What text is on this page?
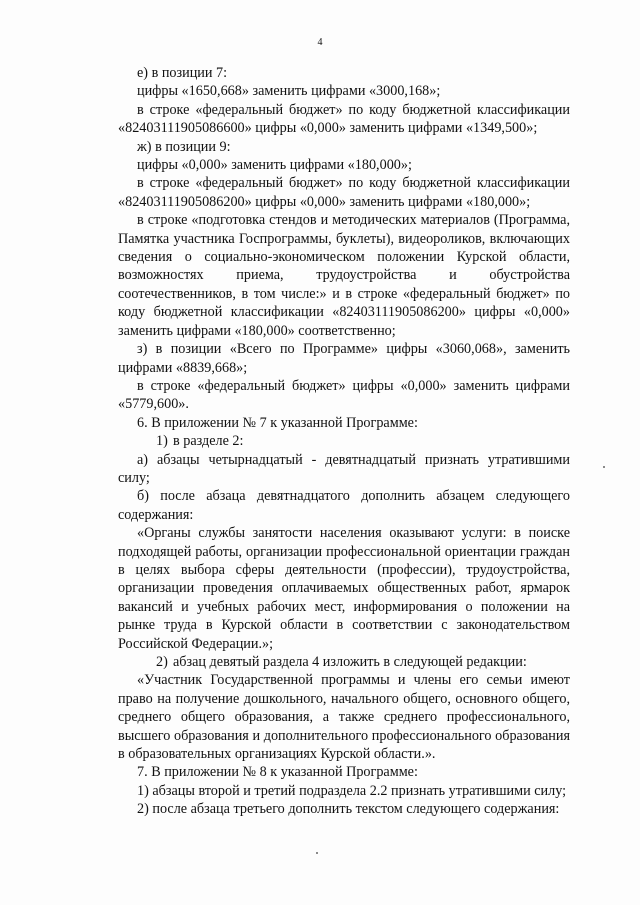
4

е) в позиции 7:

цифры «1650,668» заменить цифрами «3000,168»;

в строке «федеральный бюджет» по коду бюджетной классификации «82403111905086600» цифры «0,000» заменить цифрами «1349,500»;

ж) в позиции 9:

цифры «0,000» заменить цифрами «180,000»;

в строке «федеральный бюджет» по коду бюджетной классификации «82403111905086200» цифры «0,000» заменить цифрами «180,000»;

в строке «подготовка стендов и методических материалов (Программа, Памятка участника Госпрограммы, буклеты), видеороликов, включающих сведения о социально-экономическом положении Курской области, возможностях приема, трудоустройства и обустройства соотечественников, в том числе:» и в строке «федеральный бюджет» по коду бюджетной классификации «82403111905086200» цифры «0,000» заменить цифрами «180,000» соответственно;

з) в позиции «Всего по Программе» цифры «3060,068», заменить цифрами «8839,668»;

в строке «федеральный бюджет» цифры «0,000» заменить цифрами «5779,600».

6. В приложении № 7 к указанной Программе:

1) в разделе 2:

а) абзацы четырнадцатый - девятнадцатый признать утратившими силу;

б) после абзаца девятнадцатого дополнить абзацем следующего содержания:

«Органы службы занятости населения оказывают услуги: в поиске подходящей работы, организации профессиональной ориентации граждан в целях выбора сферы деятельности (профессии), трудоустройства, организации проведения оплачиваемых общественных работ, ярмарок вакансий и учебных рабочих мест, информирования о положении на рынке труда в Курской области в соответствии с законодательством Российской Федерации.»;

2) абзац девятый раздела 4 изложить в следующей редакции:

«Участник Государственной программы и члены его семьи имеют право на получение дошкольного, начального общего, основного общего, среднего общего образования, а также среднего профессионального, высшего образования и дополнительного профессионального образования в образовательных организациях Курской области.».

7. В приложении № 8 к указанной Программе:

1) абзацы второй и третий подраздела 2.2 признать утратившими силу;

2) после абзаца третьего дополнить текстом следующего содержания:
